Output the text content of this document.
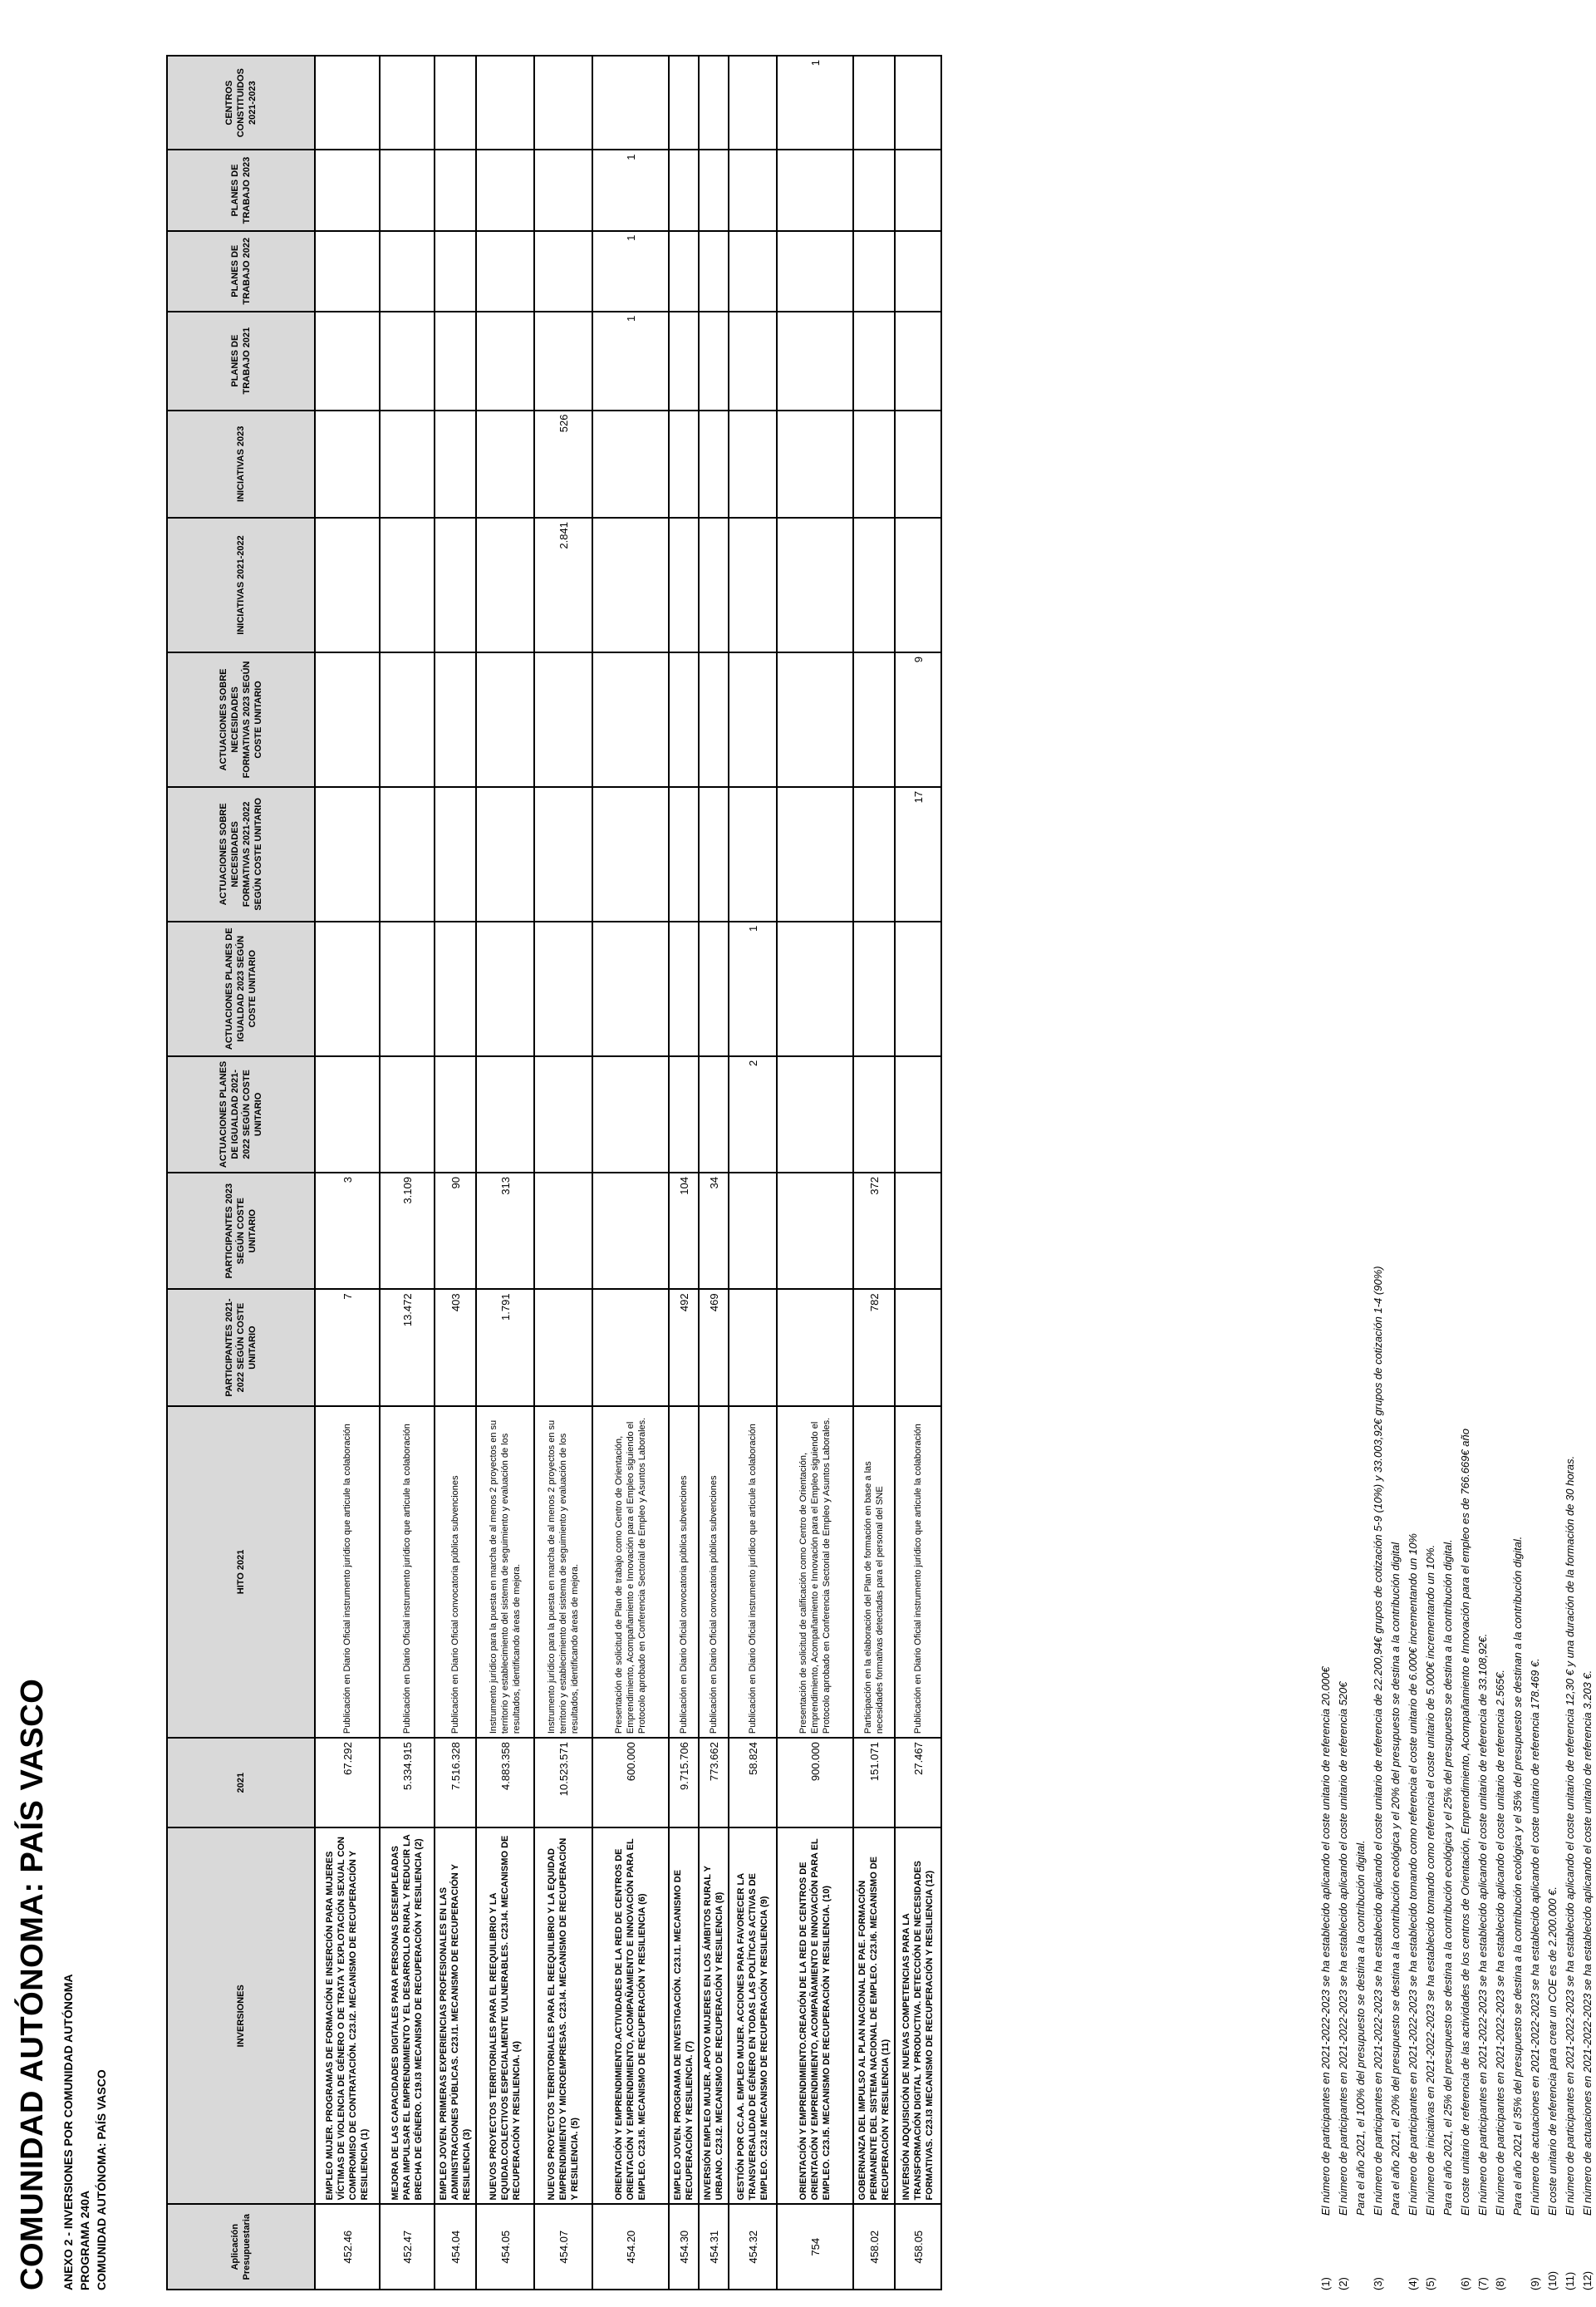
COMUNIDAD AUTÓNOMA: PAÍS VASCO ANEXO 2 - INVERSIONES POR COMUNIDAD AUTÓNOMA PROGRAMA 240A COMUNIDAD AUTÓNOMA: PAÍS VASCO	Aplicación Presupuestaria	INVERSIONES	2021	HITO 2021	PARTICIPANTES 2021-2022 SEGÚN COSTE UNITARIO	PARTICIPANTES 2023 SEGÚN COSTE UNITARIO	ACTUACIONES PLANES DE IGUALDAD 2021-2022 SEGÚN COSTE UNITARIO	ACTUACIONES PLANES DE IGUALDAD 2023 SEGÚN COSTE UNITARIO	ACTUACIONES SOBRE NECESIDADES FORMATIVAS 2021-2022 SEGÚN COSTE UNITARIO	ACTUACIONES SOBRE NECESIDADES FORMATIVAS 2023 SEGÚN COSTE UNITARIO	INICIATIVAS 2021-2022	INICIATIVAS 2023	PLANES DE TRABAJO 2021	PLANES DE TRABAJO 2022	PLANES DE TRABAJO 2023	CENTROS CONSTITUIDOS 2021-2023
452.46	EMPLEO MUJER. PROGRAMAS DE FORMACIÓN E INSERCIÓN PARA MUJERES VÍCTIMAS DE VIOLENCIA DE GÉNERO O DE TRATA Y EXPLOTACIÓN SEXUAL CON COMPROMISO DE CONTRATACIÓN. C23.I2. MECANISMO DE RECUPERACIÓN Y RESILIENCIA (1)	67.292	Publicación en Diario Oficial instrumento jurídico que articule la colaboración	7	3										
452.47	MEJORA DE LAS CAPACIDADES DIGITALES PARA PERSONAS DESEMPLEADAS PARA IMPULSAR EL EMPRENDIMIENTO Y EL DESARROLLO RURAL Y REDUCIR LA BRECHA DE GÉNERO. C19.I3 MECANISMO DE RECUPERACIÓN Y RESILIENCIA (2)	5.334.915	Publicación en Diario Oficial instrumento jurídico que articule la colaboración	13.472	3.109										
454.04	EMPLEO JOVEN. PRIMERAS EXPERIENCIAS PROFESIONALES EN LAS ADMINISTRACIONES PÚBLICAS. C23.I1. MECANISMO DE RECUPERACIÓN Y RESILIENCIA (3)	7.516.328	Publicación en Diario Oficial convocatoria pública subvenciones	403	90										
454.05	NUEVOS PROYECTOS TERRITORIALES PARA EL REEQUILIBRIO Y LA EQUIDAD.COLECTIVOS ESPECIALMENTE VULNERABLES. C23.I4. MECANISMO DE RECUPERACIÓN Y RESILIENCIA. (4)	4.883.358	Instrumento jurídico para la puesta en marcha de al menos 2 proyectos en su territorio y establecimiento del sistema de seguimiento y evaluación de los resultados, identificando áreas de mejora.	1.791	313										
454.07	NUEVOS PROYECTOS TERRITORIALES PARA EL REEQUILIBRIO Y LA EQUIDAD EMPRENDIMIENTO Y MICROEMPRESAS. C23.I4. MECANISMO DE RECUPERACIÓN Y RESILIENCIA. (5)	10.523.571	Instrumento jurídico para la puesta en marcha de al menos 2 proyectos en su territorio y establecimiento del sistema de seguimiento y evaluación de los resultados, identificando áreas de mejora.							2.841	526				
454.20	ORIENTACIÓN Y EMPRENDIMIENTO.ACTIVIDADES DE LA RED DE CENTROS DE ORIENTACIÓN Y EMPRENDIMIENTO, ACOMPAÑAMIENTO E INNOVACIÓN PARA EL EMPLEO. C23.I5. MECANISMO DE RECUPERACIÓN Y RESILIENCIA (6)	600.000	Presentación de solicitud de Plan de trabajo como Centro de Orientación, Emprendimiento, Acompañamiento e Innovación para el Empleo siguiendo el Protocolo aprobado en Conferencia Sectorial de Empleo y Asuntos Laborales.									1	1	1	
454.30	EMPLEO JOVEN. PROGRAMA DE INVESTIGACIÓN. C23.I1. MECANISMO DE RECUPERACIÓN Y RESILIENCIA. (7)	9.715.706	Publicación en Diario Oficial convocatoria pública subvenciones	492	104										
454.31	INVERSIÓN EMPLEO MUJER. APOYO MUJERES EN LOS ÁMBITOS RURAL Y URBANO. C23.I2. MECANISMO DE RECUPERACIÓN Y RESILIENCIA (8)	773.662	Publicación en Diario Oficial convocatoria pública subvenciones	469	34										
454.32	GESTIÓN POR CC.AA. EMPLEO MUJER. ACCIONES PARA FAVORECER LA TRANSVERSALIDAD DE GÉNERO EN TODAS LAS POLÍTICAS ACTIVAS DE EMPLEO. C23.I2 MECANISMO DE RECUPERACIÓN Y RESILIENCIA (9)	58.824	Publicación en Diario Oficial instrumento jurídico que articule la colaboración			2	1								
754	ORIENTACIÓN Y EMPRENDIMIENTO.CREACIÓN DE LA RED DE CENTROS DE ORIENTACIÓN Y EMPRENDIMIENTO, ACOMPAÑAMIENTO E INNOVACIÓN PARA EL EMPLEO. C23.I5. MECANISMO DE RECUPERACIÓN Y RESILIENCIA. (10)	900.000	Presentación de solicitud de calificación como Centro de Orientación, Emprendimiento, Acompañamiento e Innovación para el Empleo siguiendo el Protocolo aprobado en Conferencia Sectorial de Empleo y Asuntos Laborales.												1
458.02	GOBERNANZA DEL IMPULSO AL PLAN NACIONAL DE PAE. FORMACIÓN PERMANENTE DEL SISTEMA NACIONAL DE EMPLEO. C23.I6. MECANISMO DE RECUPERACIÓN Y RESILIENCIA (11)	151.071	Participación en la elaboración del Plan de formación en base a las necesidades formativas detectadas para el personal del SNE	782	372										
458.05	INVERSIÓN ADQUISICIÓN DE NUEVAS COMPETENCIAS PARA LA TRANSFORMACIÓN DIGITAL Y PRODUCTIVA. DETECCIÓN DE NECESIDADES FORMATIVAS. C23.I3 MECANISMO DE RECUPERACIÓN Y RESILIENCIA (12)	27.467	Publicación en Diario Oficial instrumento jurídico que articule la colaboración					17	9						
(1)
El número de participantes en 2021-2022-2023 se ha establecido aplicando el coste unitario de referencia 20.000€
(2)
El número de participantes en 2021-2022-2023 se ha establecido aplicando el coste unitario de referencia 520€ Para el año 2021, el 100% del presupuesto se destina a la contribución digital.
(3)
El número de participantes en 2021-2022-2023 se ha establecido aplicando el coste unitario de referencia de 22.200,94€ grupos de cotización 5-9 (10%) y 33.003,92€ grupos de cotización 1-4 (90%) Para el año 2021, el 20% del presupuesto se destina a la contribución ecológica y el 20% del presupuesto se destina a la contribución digital
(4)
El número de participantes en 2021-2022-2023 se ha establecido tomando como referencia el coste unitario de 6.000€ incrementando un 10%
(5)
El número de iniciativas en 2021-2022-2023 se ha establecido tomando como referencia el coste unitario de 5.000€ incrementando un 10%. Para el año 2021, el 25% del presupuesto se destina a la contribución ecológica y el 25% del presupuesto se destina a la contribución digital.
(6)
El coste unitario de referencia de las actividades de los centros de Orientación, Emprendimiento, Acompañamiento e Innovación para el empleo es de 766.669€ año
(7)
El número de participantes en 2021-2022-2023 se ha establecido aplicando el coste unitario de referencia de 33.108,92€.
(8)
El número de participantes en 2021-2022-2023 se ha establecido aplicando el coste unitario de referencia 2.565€. Para el año 2021 el 35% del presupuesto se destina a la contribución ecológica y el 35% del presupuesto se destinan a la contribución digital.
(9)
El número de actuaciones en 2021-2022-2023 se ha establecido aplicando el coste unitario de referencia 178.469 €.
(10)
El coste unitario de referencia para crear un COE es de 2.200.000 €.
(11)
El número de participantes en 2021-2022-2023 se ha establecido aplicando el coste unitario de referencia 12,30 € y una duración de la formación de 30 horas.
(12)
El número de actuaciones en 2021-2022-2023 se ha establecido aplicando el coste unitario de referencia 3.203 €.
